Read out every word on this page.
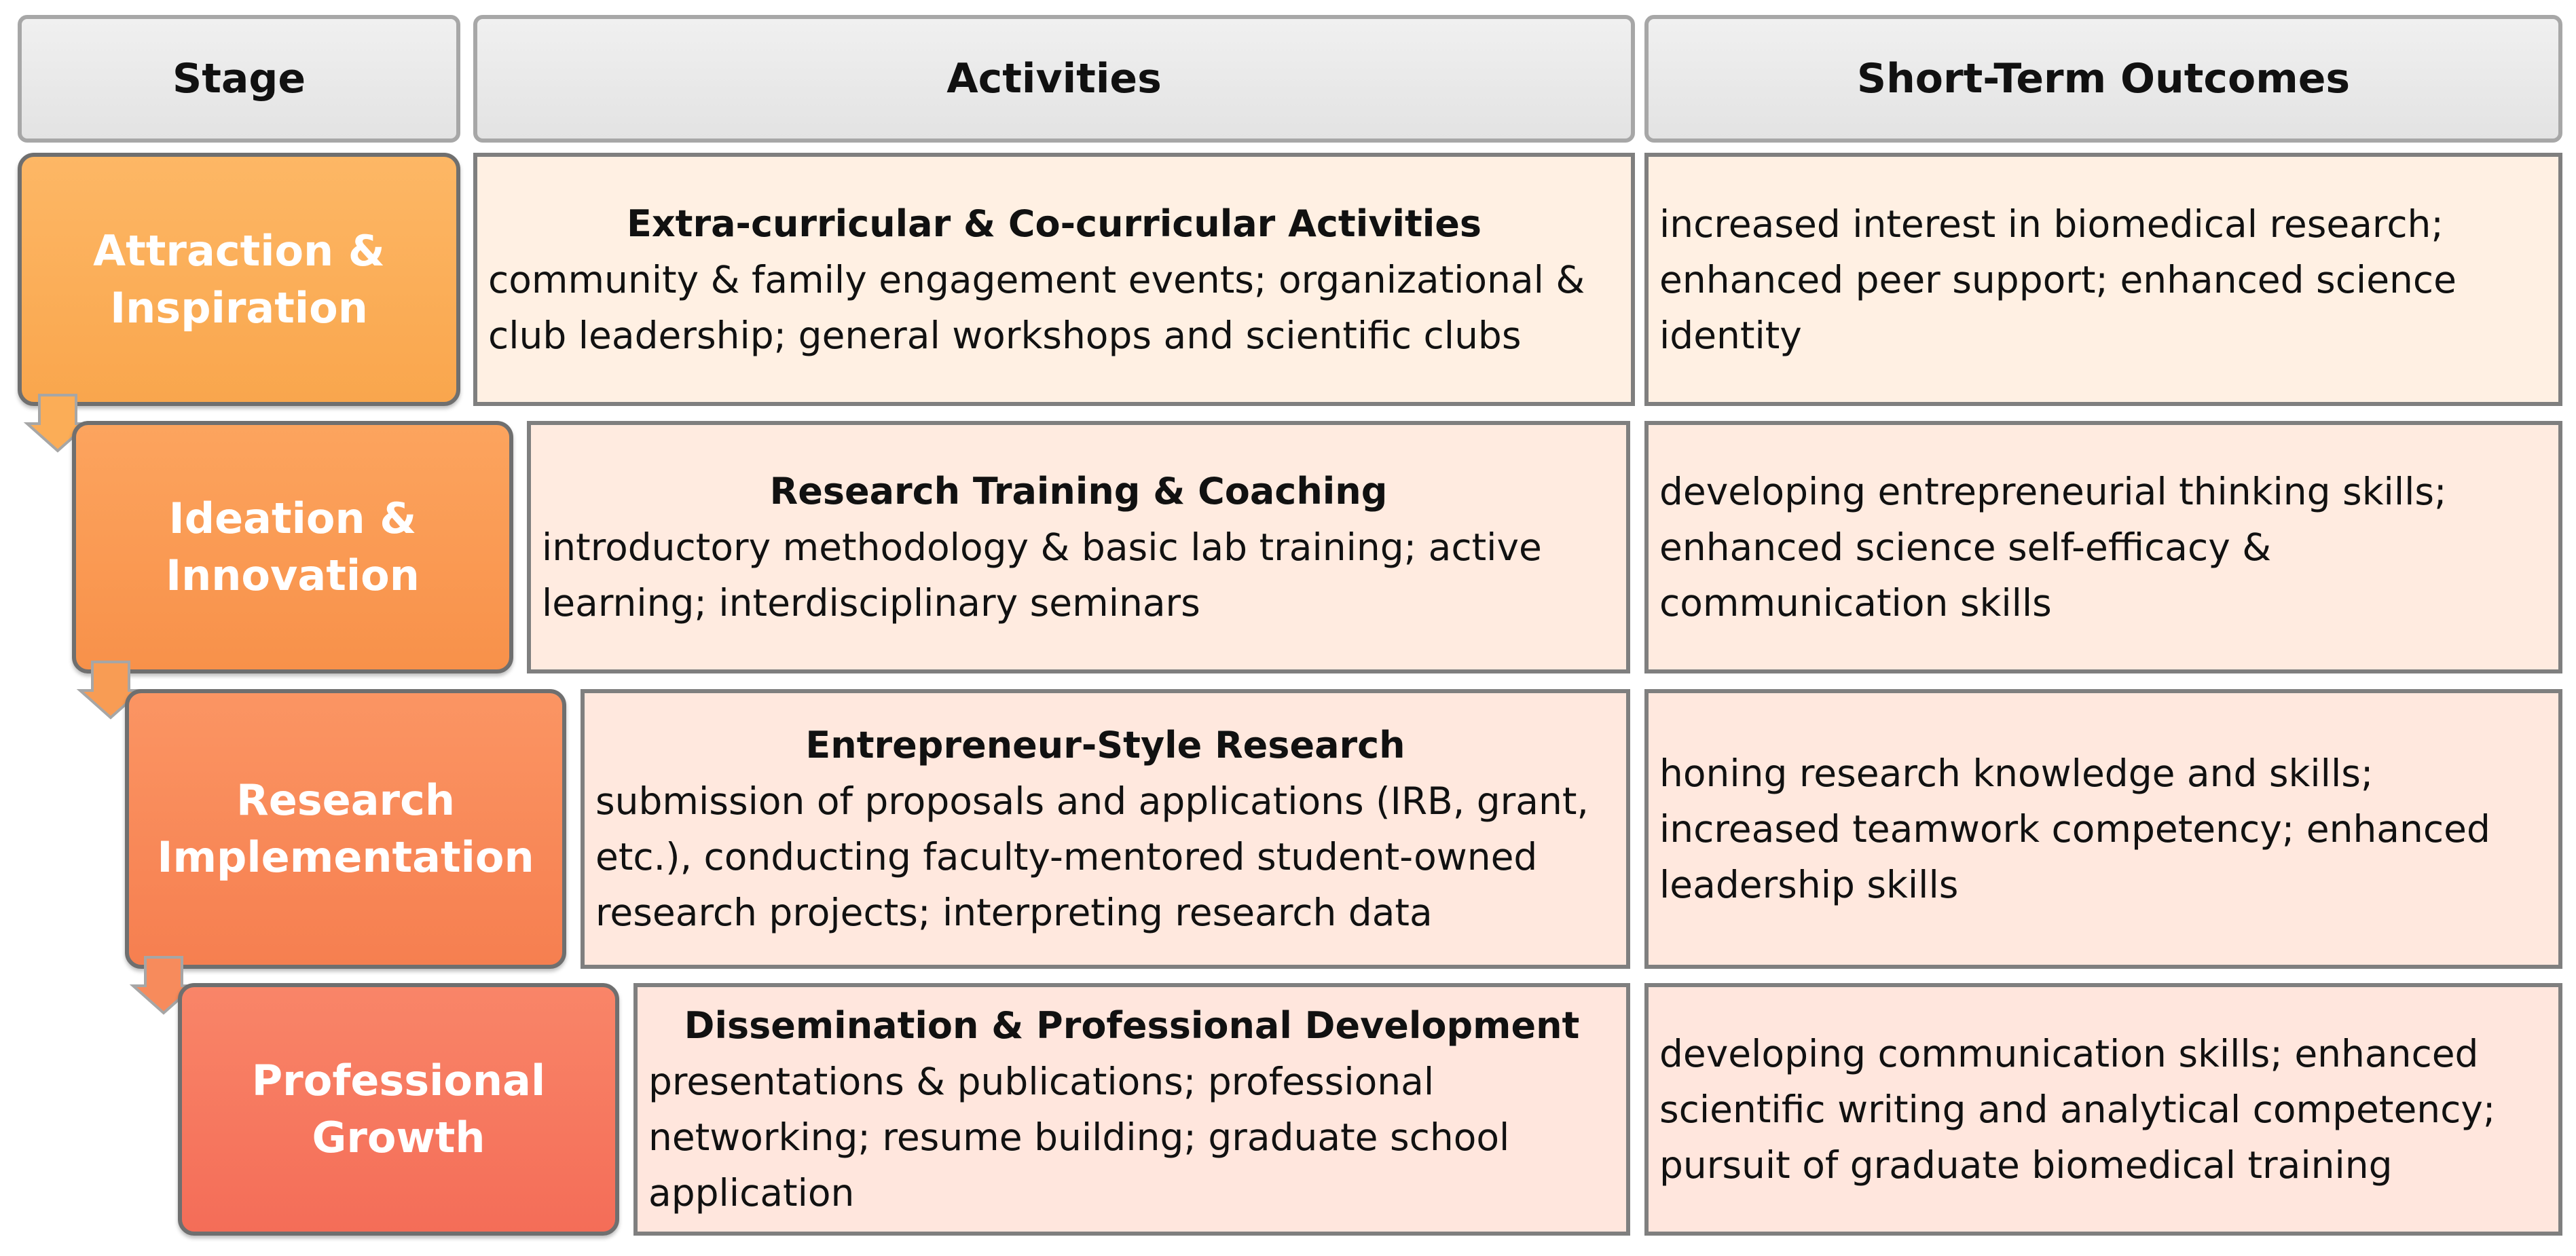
Stage	Activities	Short-Term Outcomes
Attraction &
Inspiration
Extra-curricular & Co-curricular Activities
community & family engagement events; organizational & club leadership; general workshops and scientific clubs
increased interest in biomedical research; enhanced peer support; enhanced science identity
Ideation &
Innovation
Research Training & Coaching
introductory methodology & basic lab training; active learning; interdisciplinary seminars
developing entrepreneurial thinking skills; enhanced science self-efficacy & communication skills
Research
Implementation
Entrepreneur-Style Research
submission of proposals and applications (IRB, grant, etc.), conducting faculty-mentored student-owned research projects; interpreting research data
honing research knowledge and skills; increased teamwork competency; enhanced leadership skills
Professional
Growth
Dissemination & Professional Development
presentations & publications; professional networking; resume building; graduate school application
developing communication skills; enhanced scientific writing and analytical competency; pursuit of graduate biomedical training
